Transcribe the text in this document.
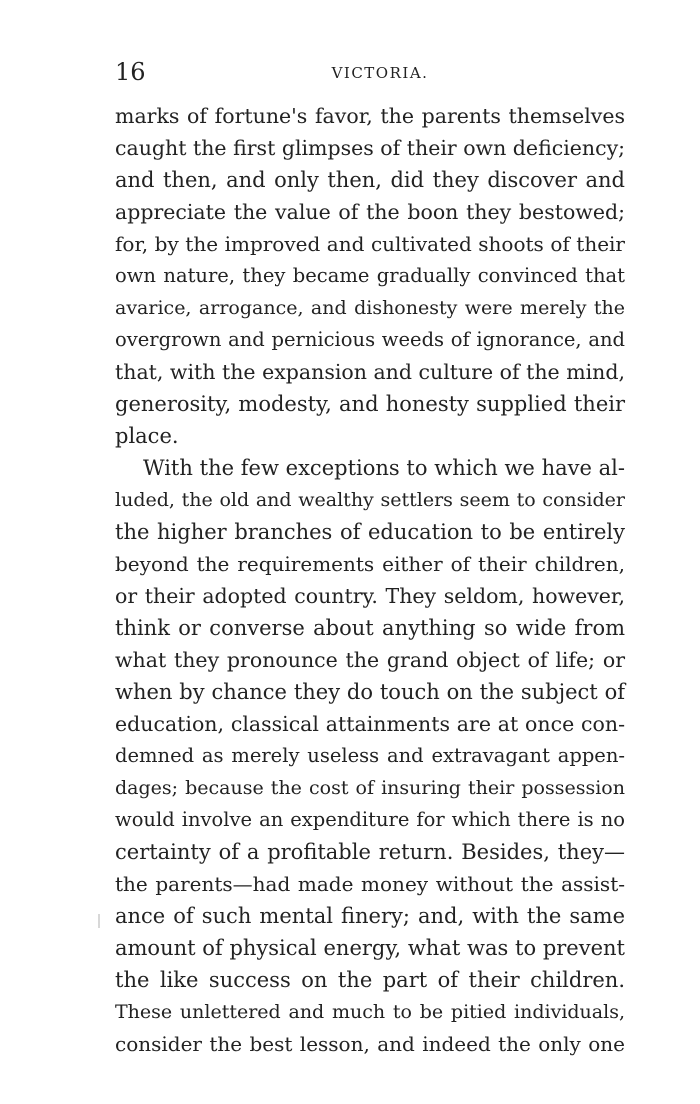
16	VICTORIA.
marks of fortune's favor, the parents themselves
caught the first glimpses of their own deficiency;
and then, and only then, did they discover and
appreciate the value of the boon they bestowed;
for, by the improved and cultivated shoots of their
own nature, they became gradually convinced that
avarice, arrogance, and dishonesty were merely the
overgrown and pernicious weeds of ignorance, and
that, with the expansion and culture of the mind,
generosity, modesty, and honesty supplied their
place.
With the few exceptions to which we have al-
luded, the old and wealthy settlers seem to consider
the higher branches of education to be entirely
beyond the requirements either of their children,
or their adopted country. They seldom, however,
think or converse about anything so wide from
what they pronounce the grand object of life; or
when by chance they do touch on the subject of
education, classical attainments are at once con-
demned as merely useless and extravagant appen-
dages; because the cost of insuring their possession
would involve an expenditure for which there is no
certainty of a profitable return. Besides, they—
the parents—had made money without the assist-
ance of such mental finery; and, with the same
amount of physical energy, what was to prevent
the like success on the part of their children.
These unlettered and much to be pitied individuals,
consider the best lesson, and indeed the only one
